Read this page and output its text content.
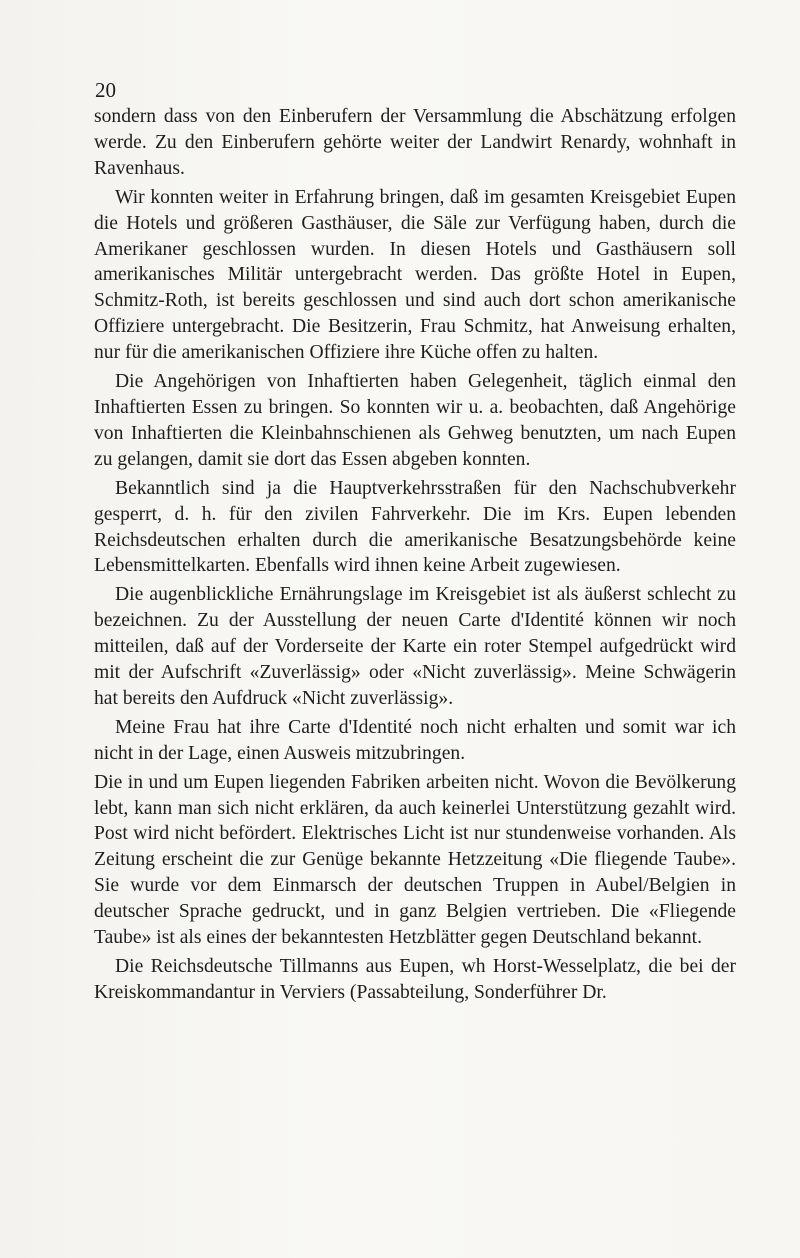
20

sondern dass von den Einberufern der Versammlung die Abschätzung erfolgen werde. Zu den Einberufern gehörte weiter der Landwirt Renardy, wohnhaft in Ravenhaus.

Wir konnten weiter in Erfahrung bringen, daß im gesamten Kreisgebiet Eupen die Hotels und größeren Gasthäuser, die Säle zur Verfügung haben, durch die Amerikaner geschlossen wurden. In diesen Hotels und Gasthäusern soll amerikanisches Militär untergebracht werden. Das größte Hotel in Eupen, Schmitz-Roth, ist bereits geschlossen und sind auch dort schon amerikanische Offiziere untergebracht. Die Besitzerin, Frau Schmitz, hat Anweisung erhalten, nur für die amerikanischen Offiziere ihre Küche offen zu halten.

Die Angehörigen von Inhaftierten haben Gelegenheit, täglich einmal den Inhaftierten Essen zu bringen. So konnten wir u. a. beobachten, daß Angehörige von Inhaftierten die Kleinbahnschienen als Gehweg benutzten, um nach Eupen zu gelangen, damit sie dort das Essen abgeben konnten.

Bekanntlich sind ja die Hauptverkehrsstraßen für den Nachschubverkehr gesperrt, d. h. für den zivilen Fahrverkehr. Die im Krs. Eupen lebenden Reichsdeutschen erhalten durch die amerikanische Besatzungsbehörde keine Lebensmittelkarten. Ebenfalls wird ihnen keine Arbeit zugewiesen.

Die augenblickliche Ernährungslage im Kreisgebiet ist als äußerst schlecht zu bezeichnen. Zu der Ausstellung der neuen Carte d'Identité können wir noch mitteilen, daß auf der Vorderseite der Karte ein roter Stempel aufgedrückt wird mit der Aufschrift «Zuverlässig» oder «Nicht zuverlässig». Meine Schwägerin hat bereits den Aufdruck «Nicht zuverlässig».

Meine Frau hat ihre Carte d'Identité noch nicht erhalten und somit war ich nicht in der Lage, einen Ausweis mitzubringen.

Die in und um Eupen liegenden Fabriken arbeiten nicht. Wovon die Bevölkerung lebt, kann man sich nicht erklären, da auch keinerlei Unterstützung gezahlt wird. Post wird nicht befördert. Elektrisches Licht ist nur stundenweise vorhanden. Als Zeitung erscheint die zur Genüge bekannte Hetzzeitung «Die fliegende Taube». Sie wurde vor dem Einmarsch der deutschen Truppen in Aubel/Belgien in deutscher Sprache gedruckt, und in ganz Belgien vertrieben. Die «Fliegende Taube» ist als eines der bekanntesten Hetzblätter gegen Deutschland bekannt.

Die Reichsdeutsche Tillmanns aus Eupen, wh Horst-Wesselplatz, die bei der Kreiskommandantur in Verviers (Passabteilung, Sonderführer Dr.
